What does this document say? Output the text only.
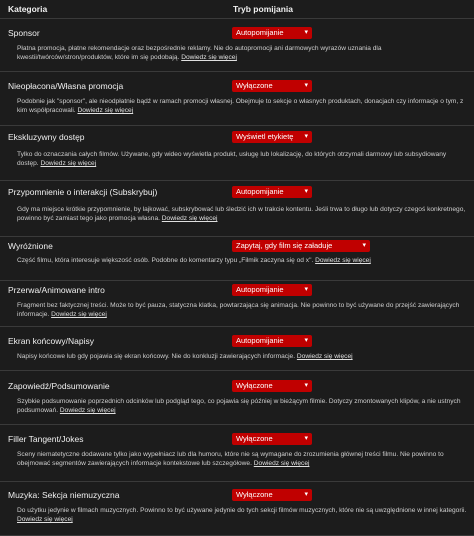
Kategoria	Tryb pomijania
Sponsor	Autopomijanie	▾
Płatna promocja, płatne rekomendacje oraz bezpośrednie reklamy. Nie do autopromocji ani darmowych wyrazów uznania dla kwestii/twórców/stron/produktów, które im się podobają. Dowiedz się więcej
Nieopłacona/Własna promocja	Wyłączone	▾
Podobnie jak "sponsor", ale nieodpłatnie bądź w ramach promocji własnej. Obejmuje to sekcje o własnych produktach, donacjach czy informacje o tym, z kim współpracowali. Dowiedz się więcej
Ekskluzywny dostęp	Wyświetl etykietę ▾
Tylko do oznaczania całych filmów. Używane, gdy wideo wyświetla produkt, usługę lub lokalizację, do których otrzymali darmowy lub subsydiowany dostęp. Dowiedz się więcej
Przypomnienie o interakcji (Subskrybuj)	Autopomijanie	▾
Gdy ma miejsce krótkie przypomnienie, by lajkować, subskrybować lub śledzić ich w trakcie kontentu. Jeśli trwa to długo lub dotyczy czegoś konkretnego, powinno być zamiast tego jako promocja własna. Dowiedz się więcej
Wyróżnione	Zapytaj, gdy film się załaduje	▾
Część filmu, która interesuje większość osób. Podobne do komentarzy typu „Filmik zaczyna się od x". Dowiedz się więcej
Przerwa/Animowane intro	Autopomijanie	▾
Fragment bez faktycznej treści. Może to być pauza, statyczna klatka, powtarzająca się animacja. Nie powinno to być używane do przejść zawierających informacje. Dowiedz się więcej
Ekran końcowy/Napisy	Autopomijanie	▾
Napisy końcowe lub gdy pojawia się ekran końcowy. Nie do konkluzji zawierających informacje. Dowiedz się więcej
Zapowiedź/Podsumowanie	Wyłączone	▾
Szybkie podsumowanie poprzednich odcinków lub podgląd tego, co pojawia się później w bieżącym filmie. Dotyczy zmontowanych klipów, a nie ustnych podsumowań. Dowiedz się więcej
Filler Tangent/Jokes	Wyłączone	▾
Sceny niematetyczne dodawane tylko jako wypełniacz lub dla humoru, które nie są wymagane do zrozumienia głównej treści filmu. Nie powinno to obejmować segmentów zawierających informacje kontekstowe lub szczegółowe. Dowiedz się więcej
Muzyka: Sekcja niemuzyczna	Wyłączone	▾
Do użytku jedynie w filmach muzycznych. Powinno to być używane jedynie do tych sekcji filmów muzycznych, które nie są uwzględnione w innej kategorii. Dowiedz się więcej
